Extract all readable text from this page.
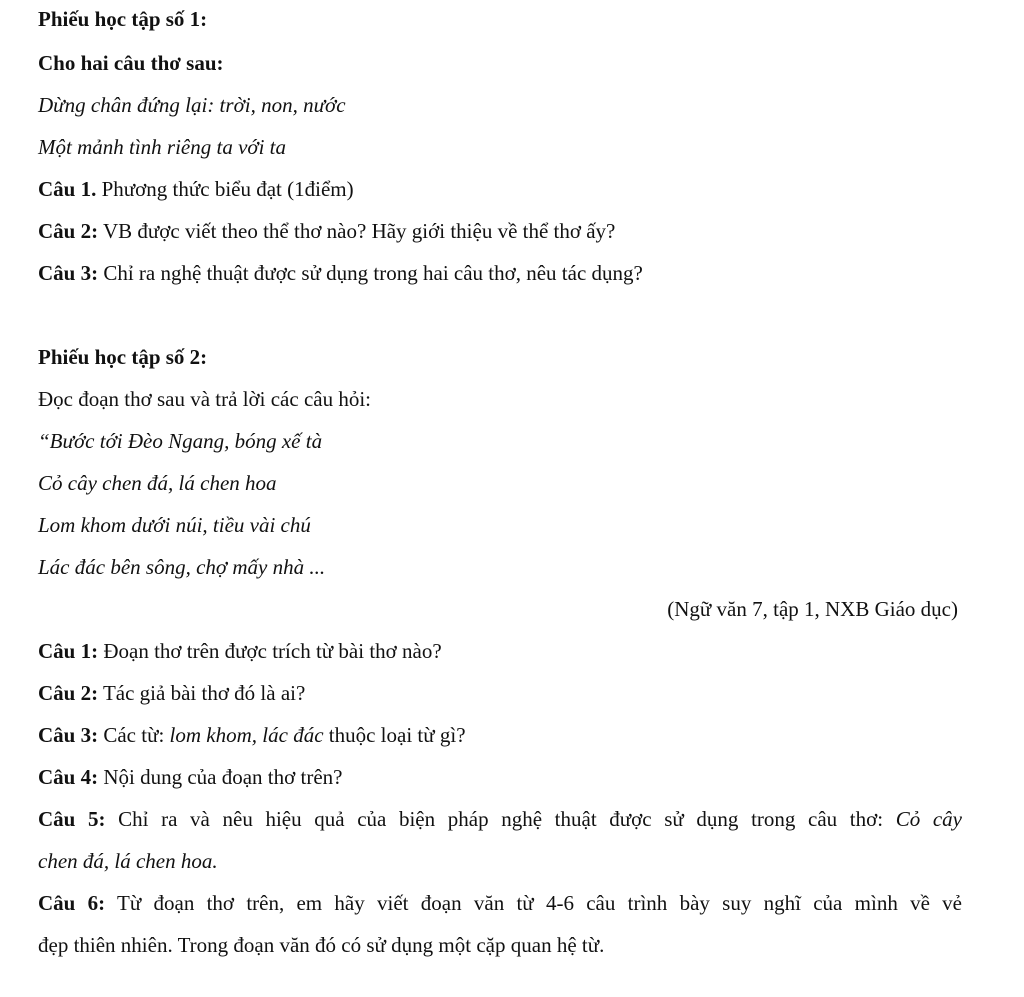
Phiếu học tập số 1:
Cho hai câu thơ sau:
Dừng chân đứng lại: trời, non, nước
Một mảnh tình riêng ta với ta
Câu 1. Phương thức biểu đạt (1điểm)
Câu 2: VB được viết theo thể thơ nào? Hãy giới thiệu về thể thơ ấy?
Câu 3: Chỉ ra nghệ thuật được sử dụng trong hai câu thơ, nêu tác dụng?
Phiếu học tập số 2:
Đọc đoạn thơ sau và trả lời các câu hỏi:
“Bước tới Đèo Ngang, bóng xế tà
Cỏ cây chen đá, lá chen hoa
Lom khom dưới núi, tiều vài chú
Lác đác bên sông, chợ mấy nhà ...
(Ngữ văn 7, tập 1, NXB Giáo dục)
Câu 1: Đoạn thơ trên được trích từ bài thơ nào?
Câu 2: Tác giả bài thơ đó là ai?
Câu 3: Các từ: lom khom, lác đác thuộc loại từ gì?
Câu 4: Nội dung của đoạn thơ trên?
Câu 5: Chỉ ra và nêu hiệu quả của biện pháp nghệ thuật được sử dụng trong câu thơ: Cỏ cây
chen đá, lá chen hoa.
Câu 6: Từ đoạn thơ trên, em hãy viết đoạn văn từ 4-6 câu trình bày suy nghĩ của mình về vẻ
đẹp thiên nhiên. Trong đoạn văn đó có sử dụng một cặp quan hệ từ.
